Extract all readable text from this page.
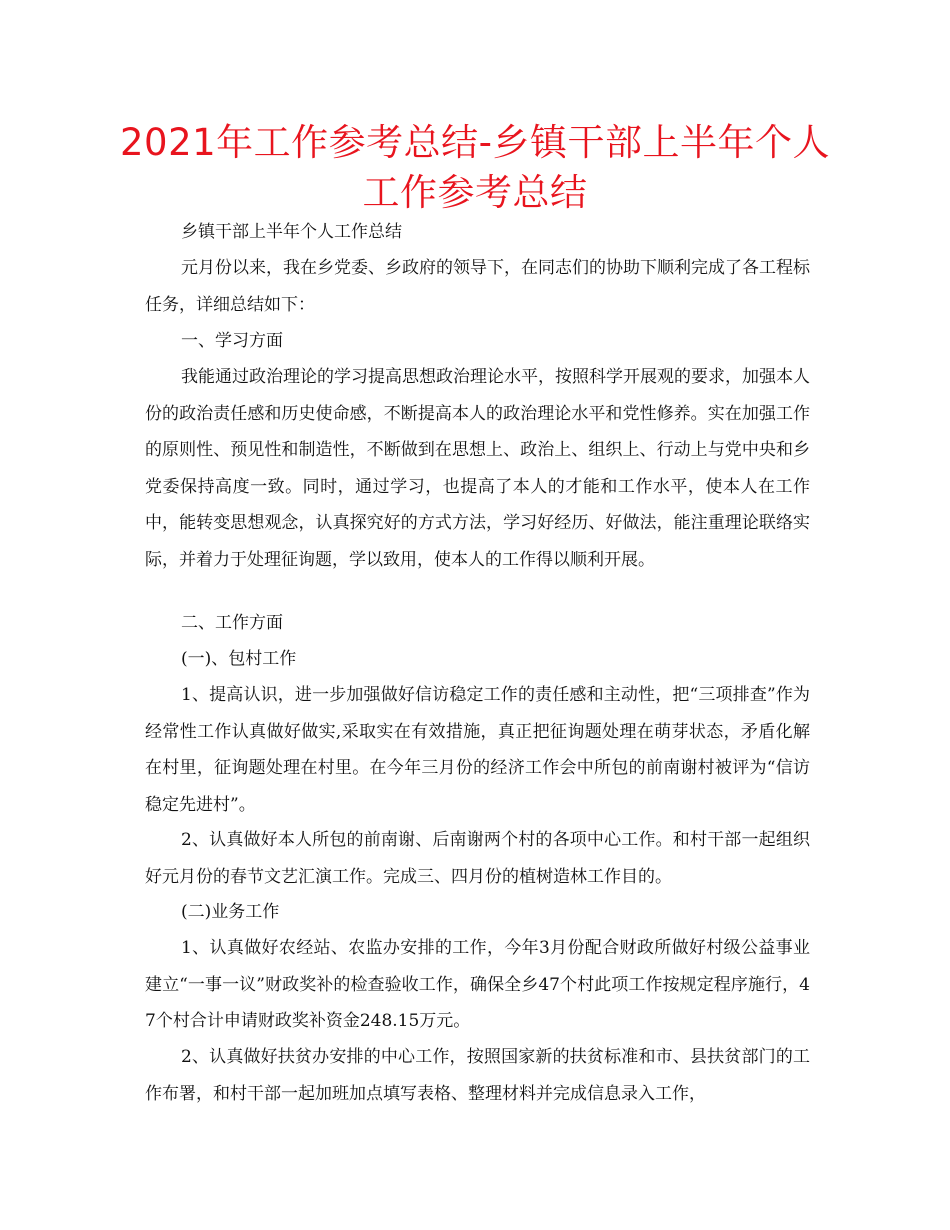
2021年工作参考总结-乡镇干部上半年个人工作参考总结

乡镇干部上半年个人工作总结

元月份以来，我在乡党委、乡政府的领导下，在同志们的协助下顺利完成了各工程标任务，详细总结如下：

一、学习方面

我能通过政治理论的学习提高思想政治理论水平，按照科学开展观的要求，加强本人份的政治责任感和历史使命感，不断提高本人的政治理论水平和党性修养。实在加强工作的原则性、预见性和制造性，不断做到在思想上、政治上、组织上、行动上与党中央和乡党委保持高度一致。同时，通过学习，也提高了本人的才能和工作水平，使本人在工作中，能转变思想观念，认真探究好的方式方法，学习好经历、好做法，能注重理论联络实际，并着力于处理征询题，学以致用，使本人的工作得以顺利开展。

二、工作方面

(一)、包村工作

1、提高认识，进一步加强做好信访稳定工作的责任感和主动性，把“三项排查”作为经常性工作认真做好做实,采取实在有效措施，真正把征询题处理在萌芽状态，矛盾化解在村里，征询题处理在村里。在今年三月份的经济工作会中所包的前南谢村被评为“信访稳定先进村”。

2、认真做好本人所包的前南谢、后南谢两个村的各项中心工作。和村干部一起组织好元月份的春节文艺汇演工作。完成三、四月份的植树造林工作目的。

(二)业务工作

1、认真做好农经站、农监办安排的工作，今年3月份配合财政所做好村级公益事业建立“一事一议”财政奖补的检查验收工作，确保全乡47个村此项工作按规定程序施行，47个村合计申请财政奖补资金248.15万元。

2、认真做好扶贫办安排的中心工作，按照国家新的扶贫标准和市、县扶贫部门的工作布署，和村干部一起加班加点填写表格、整理材料并完成信息录入工作，
